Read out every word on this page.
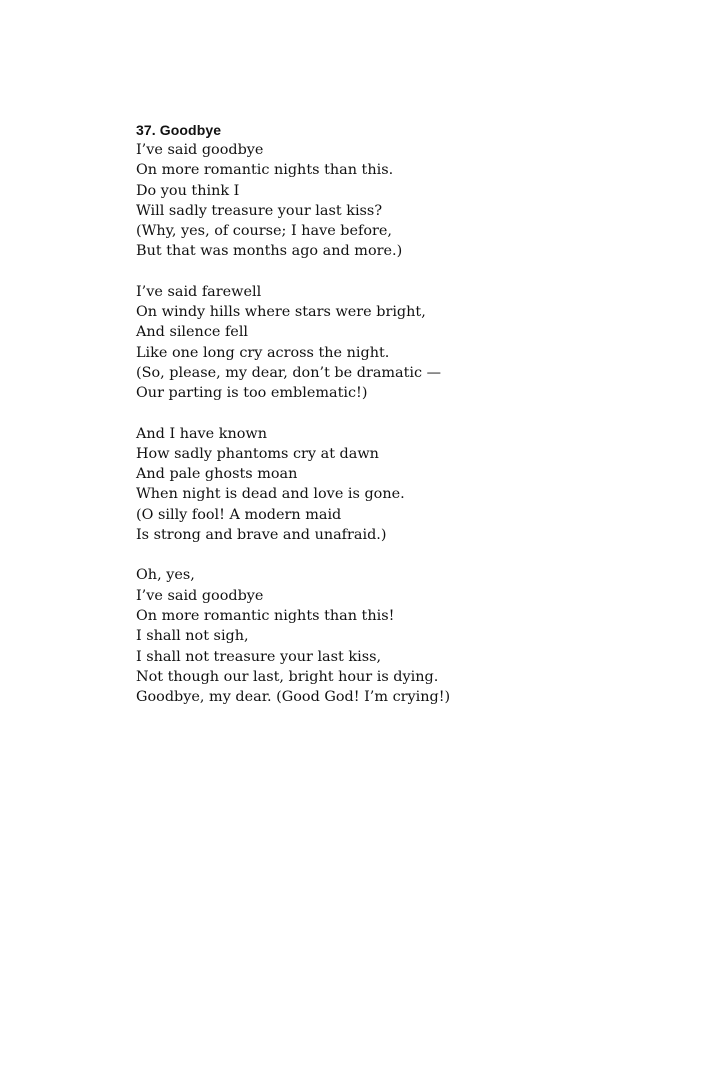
37. Goodbye
I’ve said goodbye
On more romantic nights than this.
Do you think I
Will sadly treasure your last kiss?
(Why, yes, of course; I have before,
But that was months ago and more.)
I’ve said farewell
On windy hills where stars were bright,
And silence fell
Like one long cry across the night.
(So, please, my dear, don’t be dramatic —
Our parting is too emblematic!)
And I have known
How sadly phantoms cry at dawn
And pale ghosts moan
When night is dead and love is gone.
(O silly fool! A modern maid
Is strong and brave and unafraid.)
Oh, yes,
I’ve said goodbye
On more romantic nights than this!
I shall not sigh,
I shall not treasure your last kiss,
Not though our last, bright hour is dying.
Goodbye, my dear. (Good God! I’m crying!)
